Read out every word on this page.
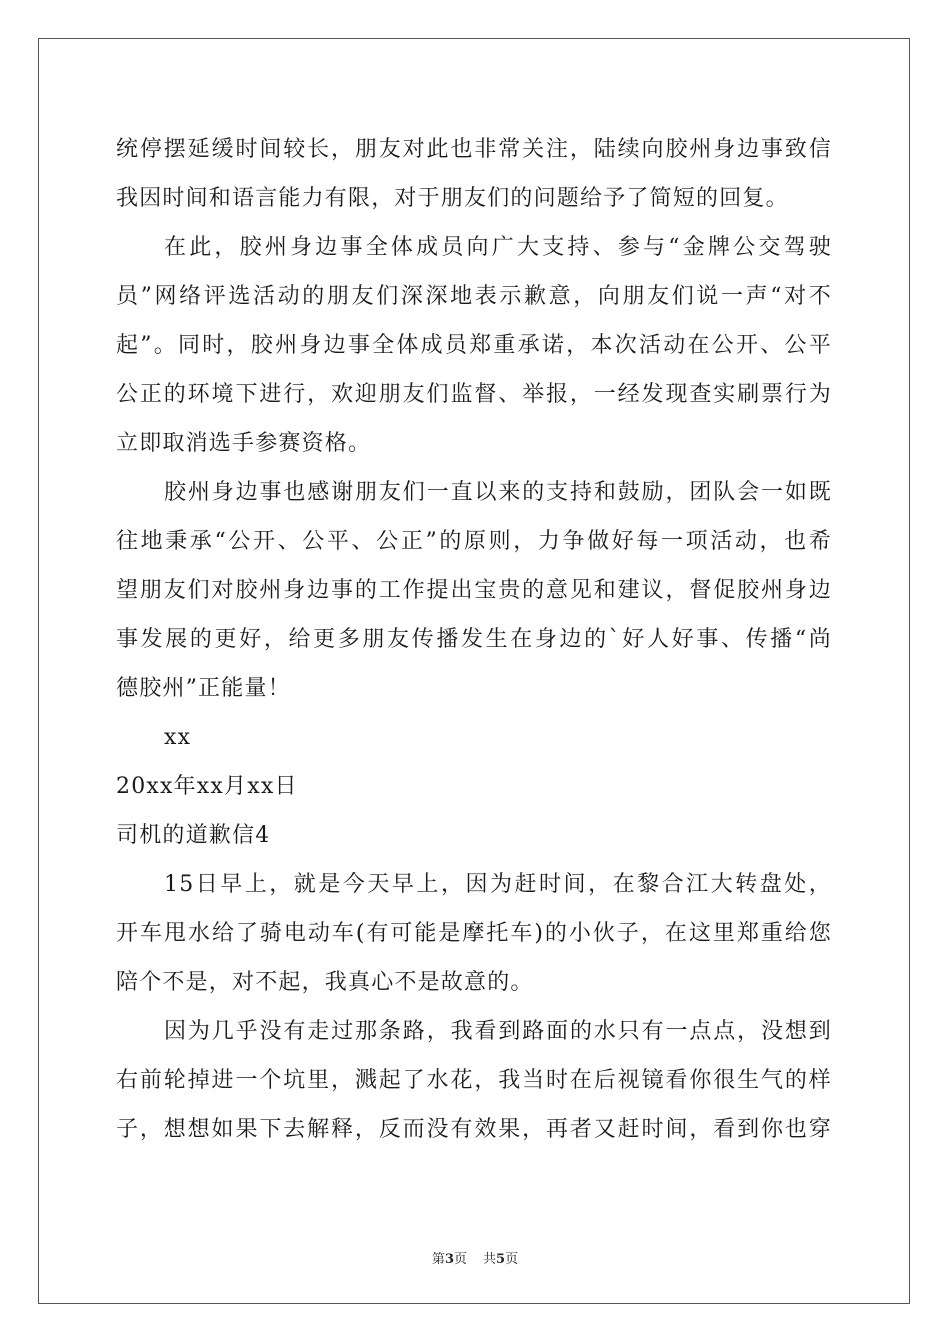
统停摆延缓时间较长，朋友对此也非常关注，陆续向胶州身边事致信
我因时间和语言能力有限，对于朋友们的问题给予了简短的回复。
在此，胶州身边事全体成员向广大支持、参与“金牌公交驾驶
员”网络评选活动的朋友们深深地表示歉意，向朋友们说一声“对不
起”。同时，胶州身边事全体成员郑重承诺，本次活动在公开、公平
公正的环境下进行，欢迎朋友们监督、举报，一经发现查实刷票行为
立即取消选手参赛资格。
胶州身边事也感谢朋友们一直以来的支持和鼓励，团队会一如既
往地秉承“公开、公平、公正”的原则，力争做好每一项活动，也希
望朋友们对胶州身边事的工作提出宝贵的意见和建议，督促胶州身边
事发展的更好，给更多朋友传播发生在身边的`好人好事、传播“尚
德胶州”正能量！
xx
20xx年xx月xx日
司机的道歉信4
15日早上，就是今天早上，因为赶时间，在黎合江大转盘处，
开车甩水给了骑电动车(有可能是摩托车)的小伙子，在这里郑重给您
陪个不是，对不起，我真心不是故意的。
因为几乎没有走过那条路，我看到路面的水只有一点点，没想到
右前轮掉进一个坑里，溅起了水花，我当时在后视镜看你很生气的样
子，想想如果下去解释，反而没有效果，再者又赶时间，看到你也穿
第3页 共5页
